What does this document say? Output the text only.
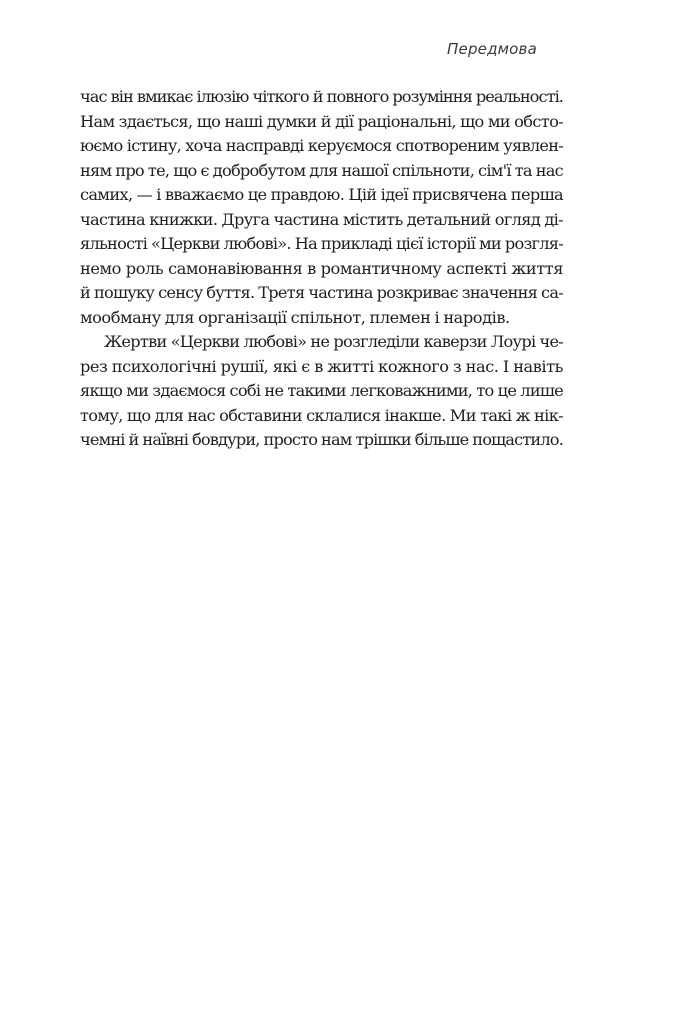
Передмова
час він вмикає ілюзію чіткого й повного розуміння реальності.
Нам здається, що наші думки й дії раціональні, що ми обсто-
юємо істину, хоча насправді керуємося спотвореним уявлен-
ням про те, що є добробутом для нашої спільноти, сім'ї та нас
самих, — і вважаємо це правдою. Цій ідеї присвячена перша
частина книжки. Друга частина містить детальний огляд ді-
яльності «Церкви любові». На прикладі цієї історії ми розгля-
немо роль самонавіювання в романтичному аспекті життя
й пошуку сенсу буття. Третя частина розкриває значення са-
мообману для організації спільнот, племен і народів.
Жертви «Церкви любові» не розгледіли каверзи Лоурі че-
рез психологічні рушії, які є в житті кожного з нас. І навіть
якщо ми здаємося собі не такими легковажними, то це лише
тому, що для нас обставини склалися інакше. Ми такі ж нік-
чемні й наївні бовдури, просто нам трішки більше пощастило.
